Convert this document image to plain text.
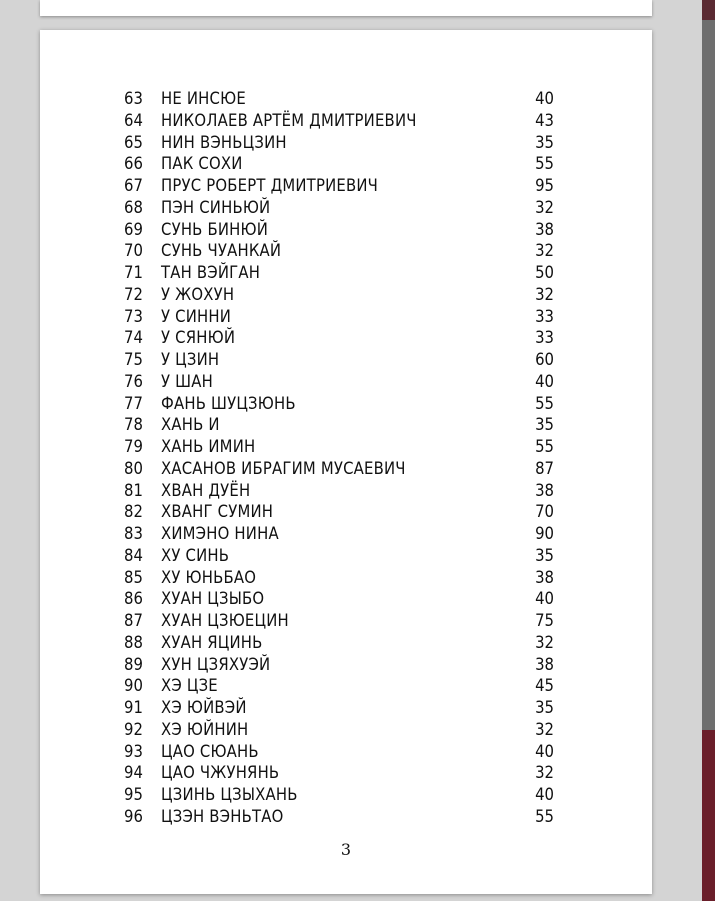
63	НЕ ИНСЮЕ	40
64	НИКОЛАЕВ АРТЁМ ДМИТРИЕВИЧ	43
65	НИН ВЭНЬЦЗИН	35
66	ПАК СОХИ	55
67	ПРУС РОБЕРТ ДМИТРИЕВИЧ	95
68	ПЭН СИНЬЮЙ	32
69	СУНЬ БИНЮЙ	38
70	СУНЬ ЧУАНКАЙ	32
71	ТАН ВЭЙГАН	50
72	У ЖОХУН	32
73	У СИННИ	33
74	У СЯНЮЙ	33
75	У ЦЗИН	60
76	У ШАН	40
77	ФАНЬ ШУЦЗЮНЬ	55
78	ХАНЬ И	35
79	ХАНЬ ИМИН	55
80	ХАСАНОВ ИБРАГИМ МУСАЕВИЧ	87
81	ХВАН ДУЁН	38
82	ХВАНГ СУМИН	70
83	ХИМЭНО НИНА	90
84	ХУ СИНЬ	35
85	ХУ ЮНЬБАО	38
86	ХУАН ЦЗЫБО	40
87	ХУАН ЦЗЮЕЦИН	75
88	ХУАН ЯЦИНЬ	32
89	ХУН ЦЗЯХУЭЙ	38
90	ХЭ ЦЗЕ	45
91	ХЭ ЮЙВЭЙ	35
92	ХЭ ЮЙНИН	32
93	ЦАО СЮАНЬ	40
94	ЦАО ЧЖУНЯНЬ	32
95	ЦЗИНЬ ЦЗЫХАНЬ	40
96	ЦЗЭН ВЭНЬТАО	55
3
